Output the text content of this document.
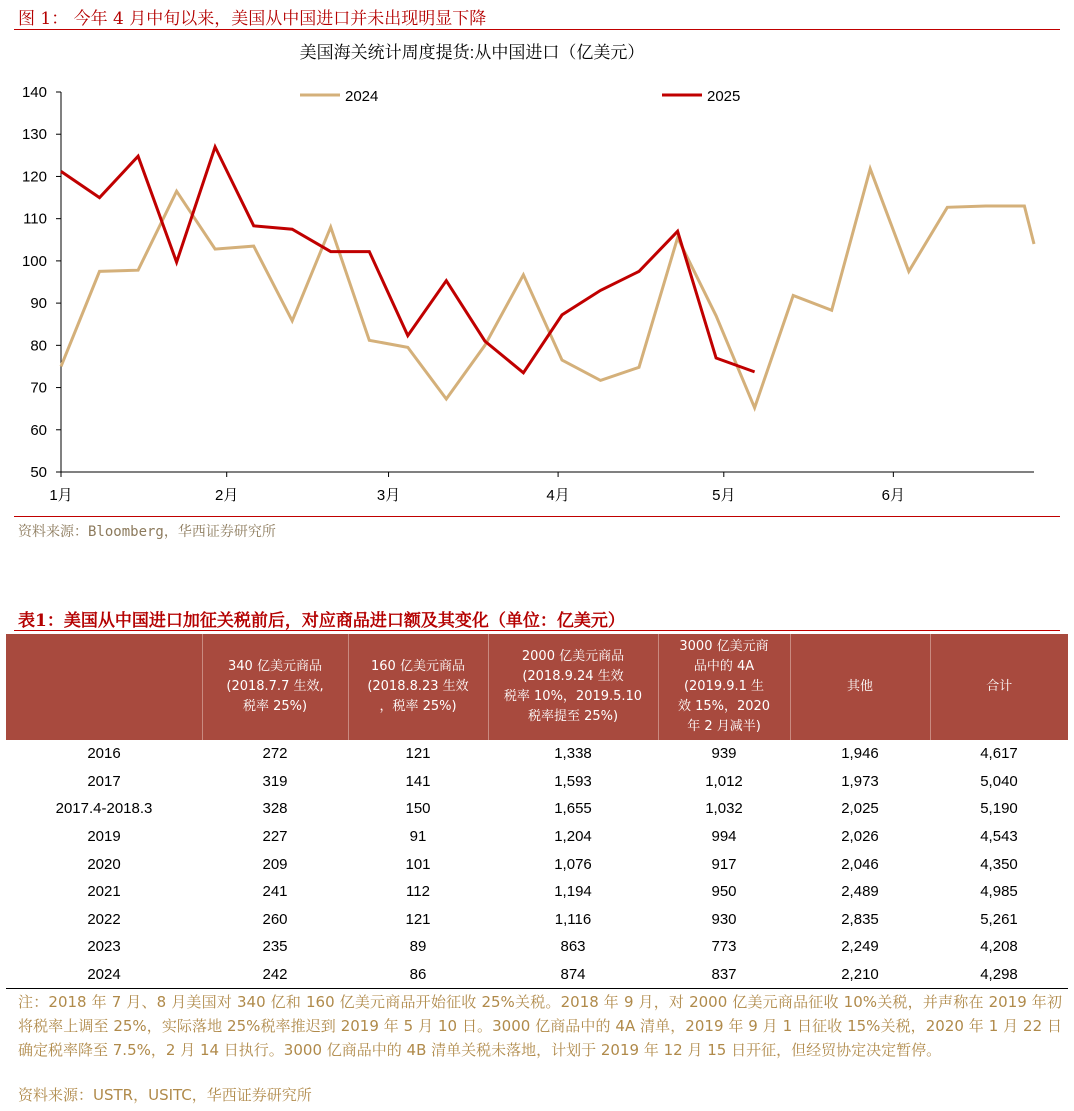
图 1： 今年 4 月中旬以来，美国从中国进口并未出现明显下降
美国海关统计周度提货:从中国进口（亿美元）
50
60
70
80
90
100
110
120
130
140
1月	2月	3月	4月	5月	6月
2024	2025
资料来源：Bloomberg，华西证券研究所
表1：美国从中国进口加征关税前后，对应商品进口额及其变化（单位：亿美元）
	340 亿美元商品
(2018.7.7 生效,
税率 25%)	160 亿美元商品
(2018.8.23 生效
，税率 25%)	2000 亿美元商品
(2018.9.24 生效
税率 10%，2019.5.10
税率提至 25%)	3000 亿美元商
品中的 4A
(2019.9.1 生
效 15%，2020
年 2 月减半)	其他	合计
2016	272	121	1,338	939	1,946	4,617
2017	319	141	1,593	1,012	1,973	5,040
2017.4-2018.3	328	150	1,655	1,032	2,025	5,190
2019	227	91	1,204	994	2,026	4,543
2020	209	101	1,076	917	2,046	4,350
2021	241	112	1,194	950	2,489	4,985
2022	260	121	1,116	930	2,835	5,261
2023	235	89	863	773	2,249	4,208
2024	242	86	874	837	2,210	4,298
注：2018 年 7 月、8 月美国对 340 亿和 160 亿美元商品开始征收 25%关税。2018 年 9 月，对 2000 亿美元商品征收 10%关税，并声称在 2019 年初将税率上调至 25%，实际落地 25%税率推迟到 2019 年 5 月 10 日。3000 亿商品中的 4A 清单，2019 年 9 月 1 日征收 15%关税，2020 年 1 月 22 日确定税率降至 7.5%，2 月 14 日执行。3000 亿商品中的 4B 清单关税未落地，计划于 2019 年 12 月 15 日开征，但经贸协定决定暂停。
资料来源：USTR，USITC，华西证券研究所
